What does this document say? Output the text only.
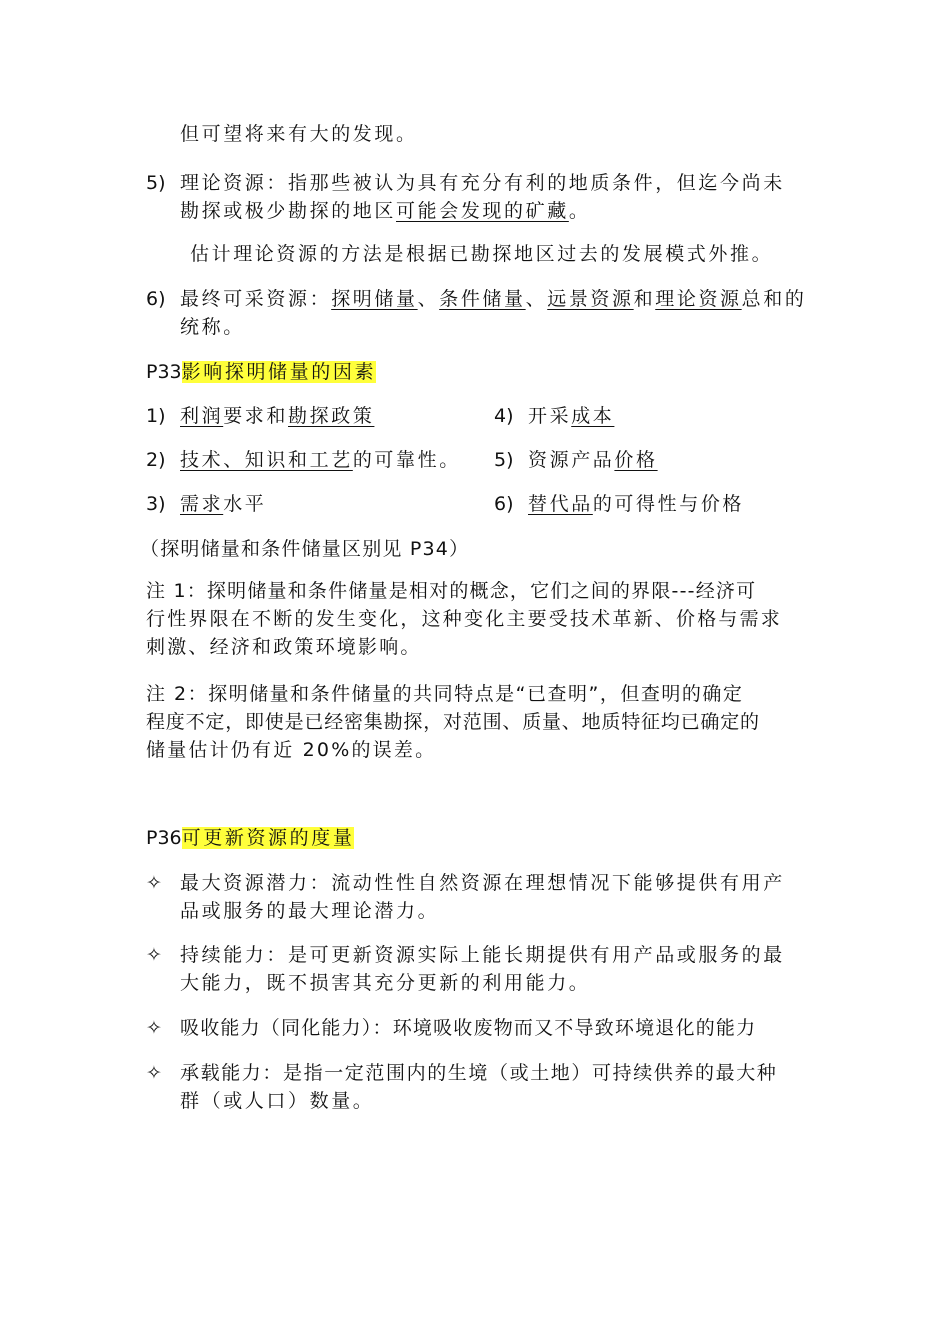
但可望将来有大的发现。
5) 理论资源：指那些被认为具有充分有利的地质条件，但迄今尚未
勘探或极少勘探的地区可能会发现的矿藏。
估计理论资源的方法是根据已勘探地区过去的发展模式外推。
6) 最终可采资源：探明储量、条件储量、远景资源和理论资源总和的
统称。
P33影响探明储量的因素
1) 利润要求和勘探政策	4) 开采成本
2) 技术、知识和工艺的可靠性。 5) 资源产品价格
3) 需求水平	6) 替代品的可得性与价格
（探明储量和条件储量区别见 P34）
注 1：探明储量和条件储量是相对的概念，它们之间的界限---经济可
行性界限在不断的发生变化，这种变化主要受技术革新、价格与需求
刺激、经济和政策环境影响。
注 2：探明储量和条件储量的共同特点是“已查明”，但查明的确定
程度不定，即使是已经密集勘探，对范围、质量、地质特征均已确定的
储量估计仍有近 20%的误差。
P36可更新资源的度量
✧ 最大资源潜力：流动性性自然资源在理想情况下能够提供有用产
品或服务的最大理论潜力。
✧ 持续能力：是可更新资源实际上能长期提供有用产品或服务的最
大能力，既不损害其充分更新的利用能力。
✧ 吸收能力（同化能力）：环境吸收废物而又不导致环境退化的能力
✧ 承载能力：是指一定范围内的生境（或土地）可持续供养的最大种
群（或人口）数量。
